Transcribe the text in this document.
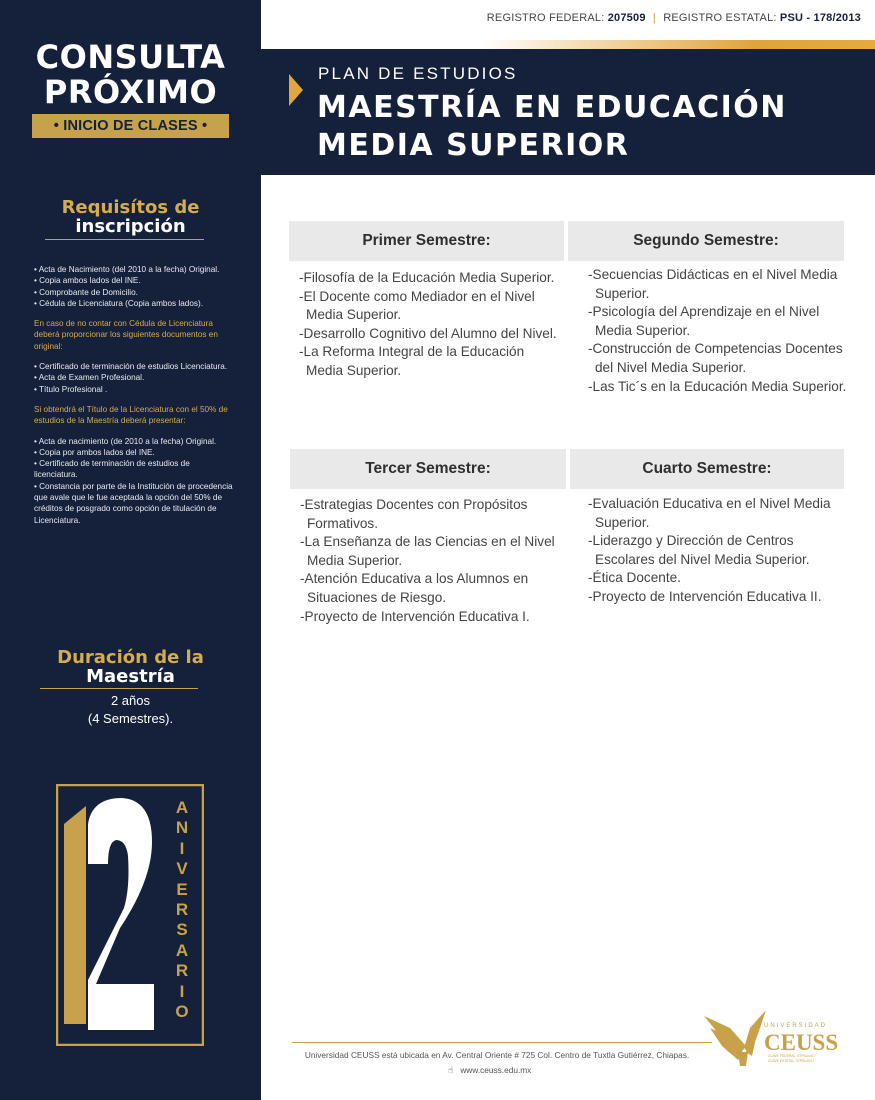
CONSULTA
PRÓXIMO
• INICIO DE CLASES •
Requisítos de
inscripción
• Acta de Nacimiento (del 2010 a la fecha) Original.
• Copia ambos lados del INE.
• Comprobante de Domicilio.
• Cédula de Licenciatura (Copia ambos lados).
En caso de no contar con Cédula de Licenciatura deberá proporcionar los siguientes documentos en original:
• Certificado de terminación de estudios Licenciatura.
• Acta de Examen Profesional.
• Título Profesional .
Si obtendrá el Título de la Licenciatura con el 50% de estudios de la Maestría deberá presentar:
• Acta de nacimiento (de 2010 a la fecha) Original.
• Copia por ambos lados del INE.
• Certificado de terminación de estudios de licenciatura.
• Constancia por parte de la Institución de procedencia que avale que le fue aceptada la opción del 50% de créditos de posgrado como opción de titulación de Licenciatura.
Duración de la
Maestría
2 años
(4 Semestres).
A
N
I
V
E
R
S
A
R
I
O
REGISTRO FEDERAL: 207509 | REGISTRO ESTATAL: PSU - 178/2013
PLAN DE ESTUDIOS
MAESTRÍA EN EDUCACIÓN
MEDIA SUPERIOR
Primer Semestre:	Segundo Semestre:
Tercer Semestre:	Cuarto Semestre:
-Filosofía de la Educación Media Superior.
-El Docente como Mediador en el Nivel Media Superior.
-Desarrollo Cognitivo del Alumno del Nivel.
-La Reforma Integral de la Educación Media Superior.
-Secuencias Didácticas en el Nivel Media Superior.
-Psicología del Aprendizaje en el Nivel Media Superior.
-Construcción de Competencias Docentes del Nivel Media Superior.
-Las Tic´s en la Educación Media Superior.
-Estrategias Docentes con Propósitos Formativos.
-La Enseñanza de las Ciencias en el Nivel Media Superior.
-Atención Educativa a los Alumnos en Situaciones de Riesgo.
-Proyecto de Intervención Educativa I.
-Evaluación Educativa en el Nivel Media Superior.
-Liderazgo y Dirección de Centros Escolares del Nivel Media Superior.
-Ética Docente.
-Proyecto de Intervención Educativa II.
Universidad CEUSS está ubicada en Av. Central Oriente # 725 Col. Centro de Tuxtla Gutiérrez, Chiapas.
☝ www.ceuss.edu.mx
UNIVERSIDAD
CEUSS
CLAVE FEDERAL: 07PSU0017
CLAVE ESTATAL: 07PSU0017
